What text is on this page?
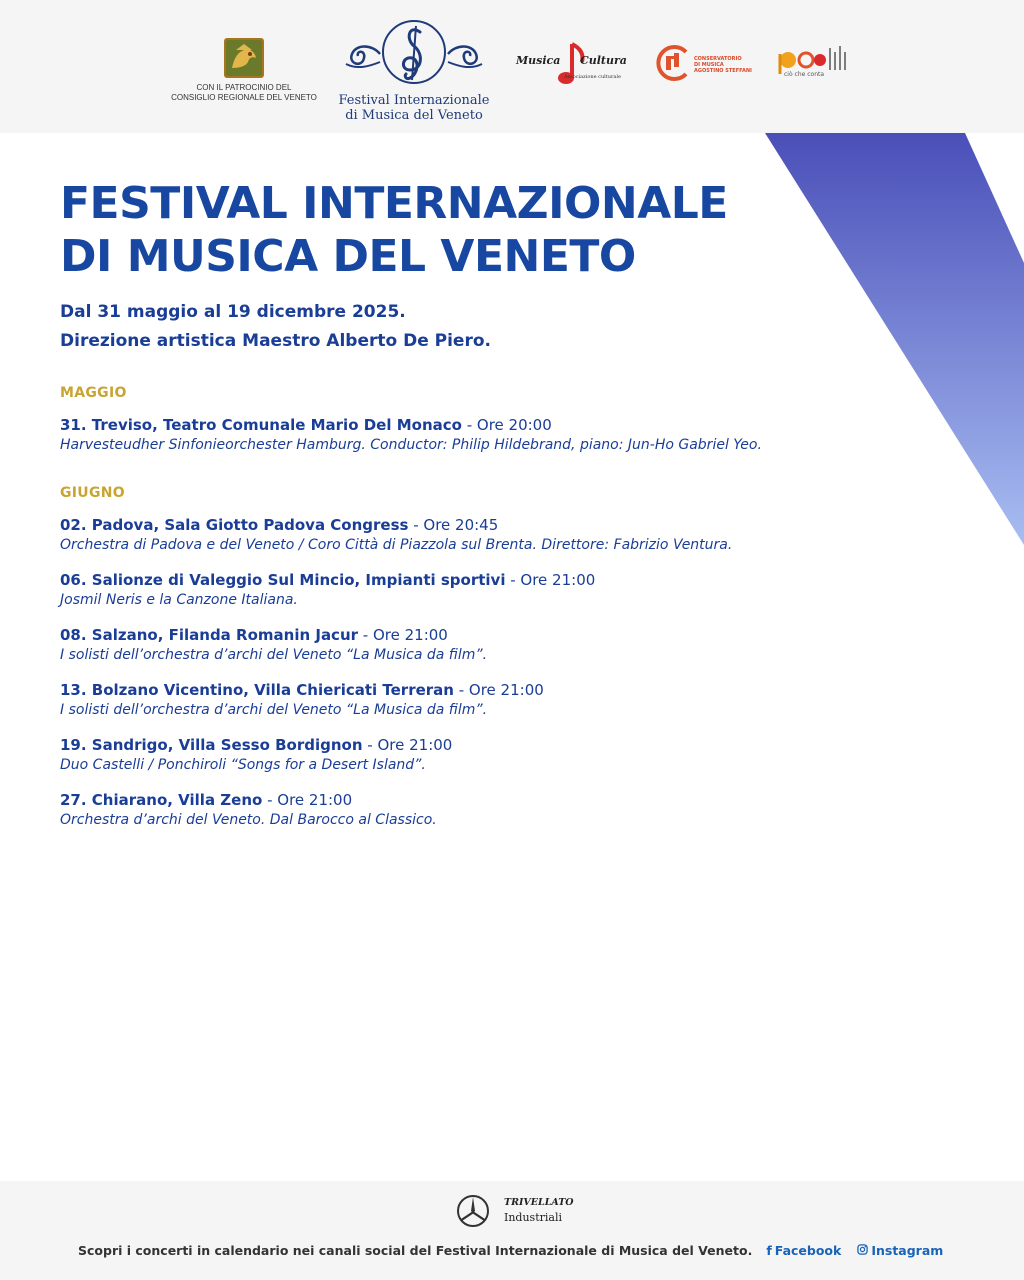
CON IL PATROCINIO DEL
CONSIGLIO REGIONALE DEL VENETO Festival Internazionale
di Musica del Veneto
Musica Cultura
Associazione culturale
CONSERVATORIO
DI MUSICA
AGOSTINO STEFFANI	ciò che conta
FESTIVAL INTERNAZIONALE
DI MUSICA DEL VENETO
Dal 31 maggio al 19 dicembre 2025.
Direzione artistica Maestro Alberto De Piero.
MAGGIO
31. Treviso, Teatro Comunale Mario Del Monaco - Ore 20:00
Harvesteudher Sinfonieorchester Hamburg. Conductor: Philip Hildebrand, piano: Jun-Ho Gabriel Yeo.
GIUGNO
02. Padova, Sala Giotto Padova Congress - Ore 20:45
Orchestra di Padova e del Veneto / Coro Città di Piazzola sul Brenta. Direttore: Fabrizio Ventura.
06. Salionze di Valeggio Sul Mincio, Impianti sportivi - Ore 21:00
Josmil Neris e la Canzone Italiana.
08. Salzano, Filanda Romanin Jacur - Ore 21:00
I solisti dell’orchestra d’archi del Veneto “La Musica da film”.
13. Bolzano Vicentino, Villa Chiericati Terreran - Ore 21:00
I solisti dell’orchestra d’archi del Veneto “La Musica da film”.
19. Sandrigo, Villa Sesso Bordignon - Ore 21:00
Duo Castelli / Ponchiroli “Songs for a Desert Island”.
27. Chiarano, Villa Zeno - Ore 21:00
Orchestra d’archi del Veneto. Dal Barocco al Classico.
TRIVELLATO
Industriali
Scopri i concerti in calendario nei canali social del Festival Internazionale di Musica del Veneto. f Facebook Instagram
